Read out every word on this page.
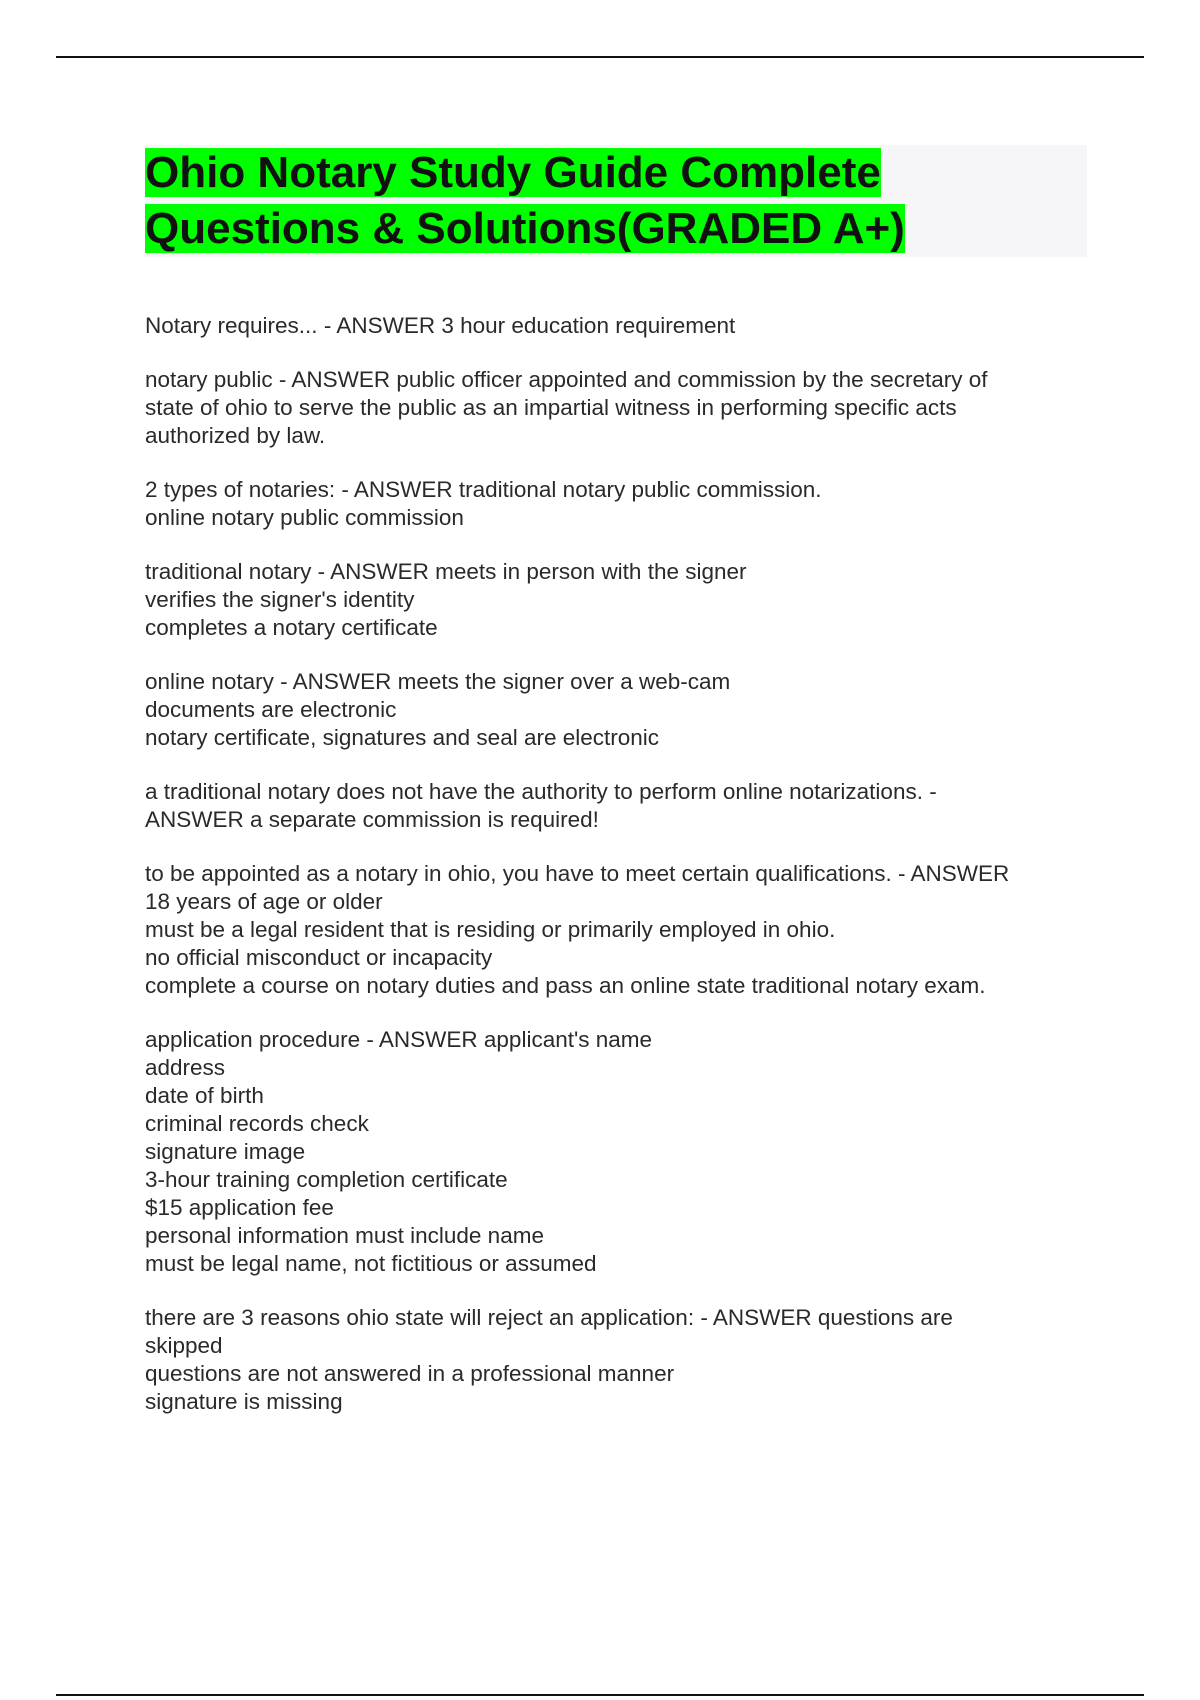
Ohio Notary Study Guide Complete
Questions & Solutions(GRADED A+)

Notary requires... - ANSWER 3 hour education requirement

notary public - ANSWER public officer appointed and commission by the secretary of
state of ohio to serve the public as an impartial witness in performing specific acts
authorized by law.

2 types of notaries: - ANSWER traditional notary public commission.
online notary public commission

traditional notary - ANSWER meets in person with the signer
verifies the signer's identity
completes a notary certificate

online notary - ANSWER meets the signer over a web-cam
documents are electronic
notary certificate, signatures and seal are electronic

a traditional notary does not have the authority to perform online notarizations. -
ANSWER a separate commission is required!

to be appointed as a notary in ohio, you have to meet certain qualifications. - ANSWER
18 years of age or older
must be a legal resident that is residing or primarily employed in ohio.
no official misconduct or incapacity
complete a course on notary duties and pass an online state traditional notary exam.

application procedure - ANSWER applicant's name
address
date of birth
criminal records check
signature image
3-hour training completion certificate
$15 application fee
personal information must include name
must be legal name, not fictitious or assumed

there are 3 reasons ohio state will reject an application: - ANSWER questions are
skipped
questions are not answered in a professional manner
signature is missing
